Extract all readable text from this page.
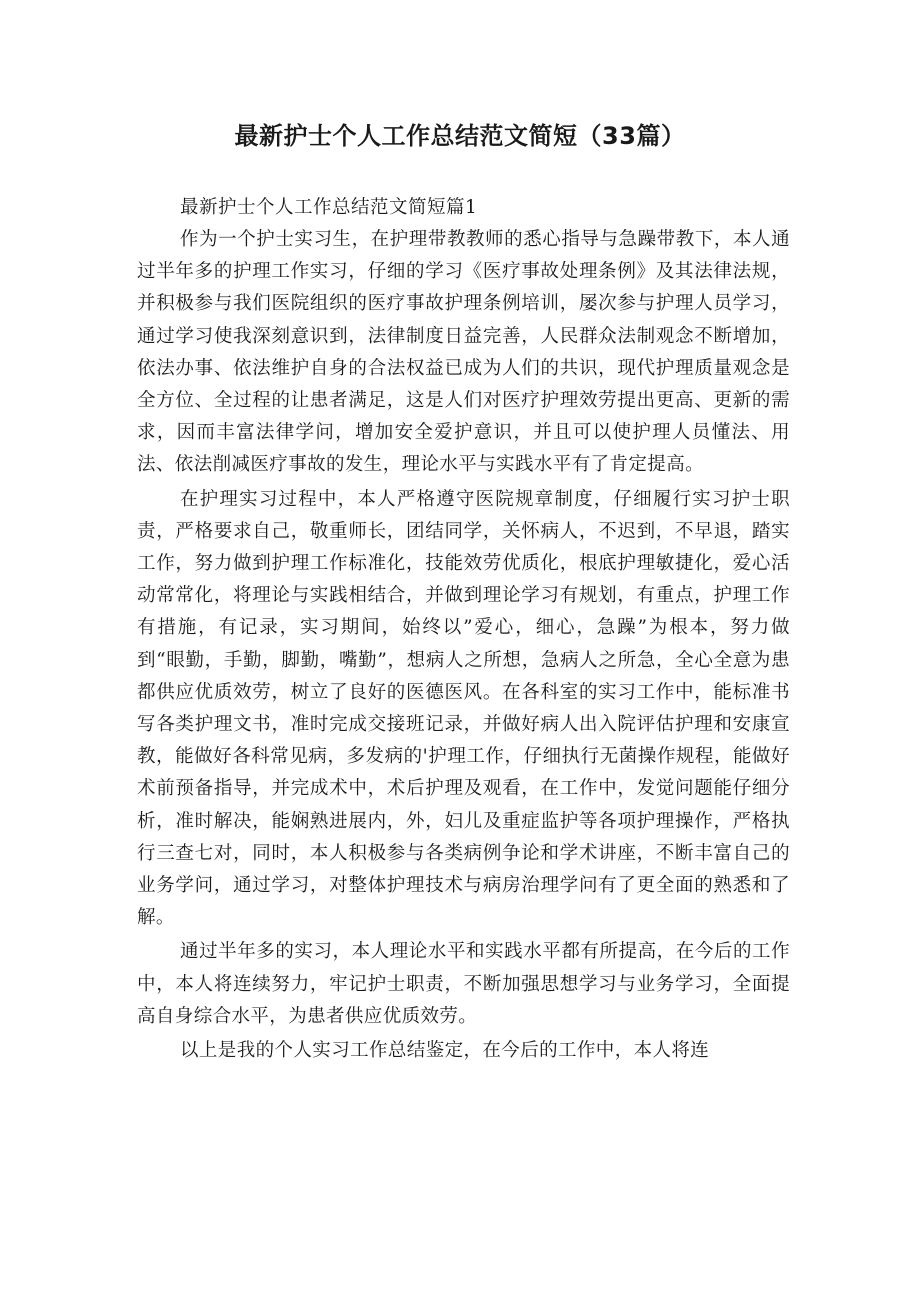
最新护士个人工作总结范文简短（33篇）

最新护士个人工作总结范文简短篇1

作为一个护士实习生，在护理带教教师的悉心指导与急躁带教下，本人通过半年多的护理工作实习，仔细的学习《医疗事故处理条例》及其法律法规，并积极参与我们医院组织的医疗事故护理条例培训，屡次参与护理人员学习，通过学习使我深刻意识到，法律制度日益完善，人民群众法制观念不断增加，依法办事、依法维护自身的合法权益已成为人们的共识，现代护理质量观念是全方位、全过程的让患者满足，这是人们对医疗护理效劳提出更高、更新的需求，因而丰富法律学问，增加安全爱护意识，并且可以使护理人员懂法、用法、依法削减医疗事故的发生，理论水平与实践水平有了肯定提高。

在护理实习过程中，本人严格遵守医院规章制度，仔细履行实习护士职责，严格要求自己，敬重师长，团结同学，关怀病人，不迟到，不早退，踏实工作，努力做到护理工作标准化，技能效劳优质化，根底护理敏捷化，爱心活动常常化，将理论与实践相结合，并做到理论学习有规划，有重点，护理工作有措施，有记录，实习期间，始终以”爱心，细心，急躁”为根本，努力做到“眼勤，手勤，脚勤，嘴勤”，想病人之所想，急病人之所急，全心全意为患都供应优质效劳，树立了良好的医德医风。在各科室的实习工作中，能标准书写各类护理文书，准时完成交接班记录，并做好病人出入院评估护理和安康宣教，能做好各科常见病，多发病的'护理工作，仔细执行无菌操作规程，能做好术前预备指导，并完成术中，术后护理及观看，在工作中，发觉问题能仔细分析，准时解决，能娴熟进展内，外，妇儿及重症监护等各项护理操作，严格执行三查七对，同时，本人积极参与各类病例争论和学术讲座，不断丰富自己的业务学问，通过学习，对整体护理技术与病房治理学问有了更全面的熟悉和了解。

通过半年多的实习，本人理论水平和实践水平都有所提高，在今后的工作中，本人将连续努力，牢记护士职责，不断加强思想学习与业务学习，全面提高自身综合水平，为患者供应优质效劳。

以上是我的个人实习工作总结鉴定，在今后的工作中，本人将连
